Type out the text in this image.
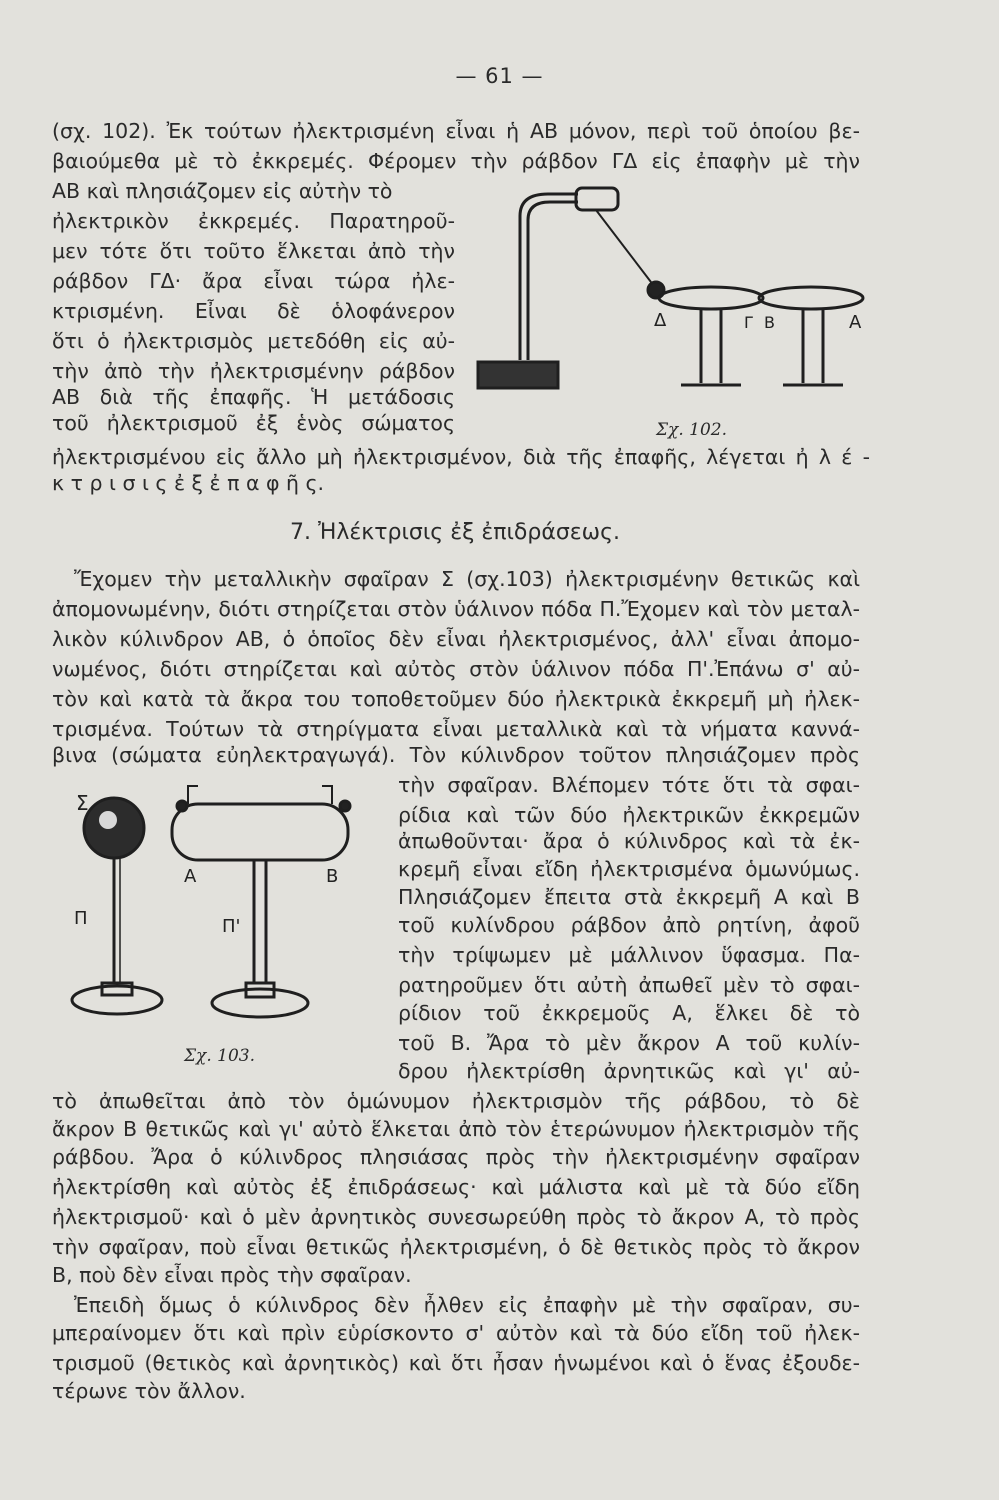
— 61 —
(σχ. 102). Ἐκ τούτων ἠλεκτρισμένη εἶναι ἡ ΑΒ μόνον, περὶ τοῦ ὁποίου βε-
βαιούμεθα μὲ τὸ ἐκκρεμές. Φέρομεν τὴν ράβδον ΓΔ εἰς ἐπαφὴν μὲ τὴν
ΑΒ καὶ πλησιάζομεν εἰς αὐτὴν τὸ
ἠλεκτρικὸν ἐκκρεμές. Παρατηροῦ-
μεν τότε ὅτι τοῦτο ἕλκεται ἀπὸ τὴν
ράβδον ΓΔ· ἄρα εἶναι τώρα ἠλε-
κτρισμένη. Εἶναι δὲ ὁλοφάνερον
ὅτι ὁ ἠλεκτρισμὸς μετεδόθη εἰς αὐ-
τὴν ἀπὸ τὴν ἠλεκτρισμένην ράβδον
ΑΒ διὰ τῆς ἐπαφῆς. Ἡ μετάδοσις
τοῦ ἠλεκτρισμοῦ ἐξ ἑνὸς σώματος
ἠλεκτρισμένου εἰς ἄλλο μὴ ἠλεκτρισμένον, διὰ τῆς ἐπαφῆς, λέγεται ἠ λ έ -
κ τ ρ ι σ ι ς ἐ ξ ἐ π α φ ῆ ς.
Δ	Γ Β	Α
Σχ. 102.
7. Ἠλέκτρισις ἐξ ἐπιδράσεως.
Ἔχομεν τὴν μεταλλικὴν σφαῖραν Σ (σχ.103) ἠλεκτρισμένην θετικῶς καὶ
ἀπομονωμένην, διότι στηρίζεται στὸν ὑάλινον πόδα Π.Ἔχομεν καὶ τὸν μεταλ-
λικὸν κύλινδρον ΑΒ, ὁ ὁποῖος δὲν εἶναι ἠλεκτρισμένος, ἀλλ' εἶναι ἀπομο-
νωμένος, διότι στηρίζεται καὶ αὐτὸς στὸν ὑάλινον πόδα Π'.Ἐπάνω σ' αὐ-
τὸν καὶ κατὰ τὰ ἄκρα του τοποθετοῦμεν δύο ἠλεκτρικὰ ἐκκρεμῆ μὴ ἠλεκ-
τρισμένα. Τούτων τὰ στηρίγματα εἶναι μεταλλικὰ καὶ τὰ νήματα καννά-
βινα (σώματα εὐηλεκτραγωγά). Τὸν κύλινδρον τοῦτον πλησιάζομεν πρὸς
τὴν σφαῖραν. Βλέπομεν τότε ὅτι τὰ σφαι-
ρίδια καὶ τῶν δύο ἠλεκτρικῶν ἐκκρεμῶν
ἀπωθοῦνται· ἄρα ὁ κύλινδρος καὶ τὰ ἐκ-
κρεμῆ εἶναι εἴδη ἠλεκτρισμένα ὁμωνύμως.
Πλησιάζομεν ἔπειτα στὰ ἐκκρεμῆ Α καὶ Β
τοῦ κυλίνδρου ράβδον ἀπὸ ρητίνη, ἀφοῦ
τὴν τρίψωμεν μὲ μάλλινον ὕφασμα. Πα-
ρατηροῦμεν ὅτι αὐτὴ ἀπωθεῖ μὲν τὸ σφαι-
ρίδιον τοῦ ἐκκρεμοῦς Α, ἕλκει δὲ τὸ
τοῦ Β. Ἄρα τὸ μὲν ἄκρον Α τοῦ κυλίν-
δρου ἠλεκτρίσθη ἀρνητικῶς καὶ γι' αὐ-
τὸ ἀπωθεῖται ἀπὸ τὸν ὁμώνυμον ἠλεκτρισμὸν τῆς ράβδου, τὸ δὲ
ἄκρον Β θετικῶς καὶ γι' αὐτὸ ἕλκεται ἀπὸ τὸν ἑτερώνυμον ἠλεκτρισμὸν τῆς
ράβδου. Ἄρα ὁ κύλινδρος πλησιάσας πρὸς τὴν ἠλεκτρισμένην σφαῖραν
ἠλεκτρίσθη καὶ αὐτὸς ἐξ ἐπιδράσεως· καὶ μάλιστα καὶ μὲ τὰ δύο εἴδη
ἠλεκτρισμοῦ· καὶ ὁ μὲν ἀρνητικὸς συνεσωρεύθη πρὸς τὸ ἄκρον Α, τὸ πρὸς
τὴν σφαῖραν, ποὺ εἶναι θετικῶς ἠλεκτρισμένη, ὁ δὲ θετικὸς πρὸς τὸ ἄκρον
Β, ποὺ δὲν εἶναι πρὸς τὴν σφαῖραν.
Σ
Π	Π'
Α	Β
Σχ. 103.
Ἐπειδὴ ὅμως ὁ κύλινδρος δὲν ἦλθεν εἰς ἐπαφὴν μὲ τὴν σφαῖραν, συ-
μπεραίνομεν ὅτι καὶ πρὶν εὑρίσκοντο σ' αὐτὸν καὶ τὰ δύο εἴδη τοῦ ἠλεκ-
τρισμοῦ (θετικὸς καὶ ἀρνητικὸς) καὶ ὅτι ἦσαν ἡνωμένοι καὶ ὁ ἕνας ἐξουδε-
τέρωνε τὸν ἄλλον.
